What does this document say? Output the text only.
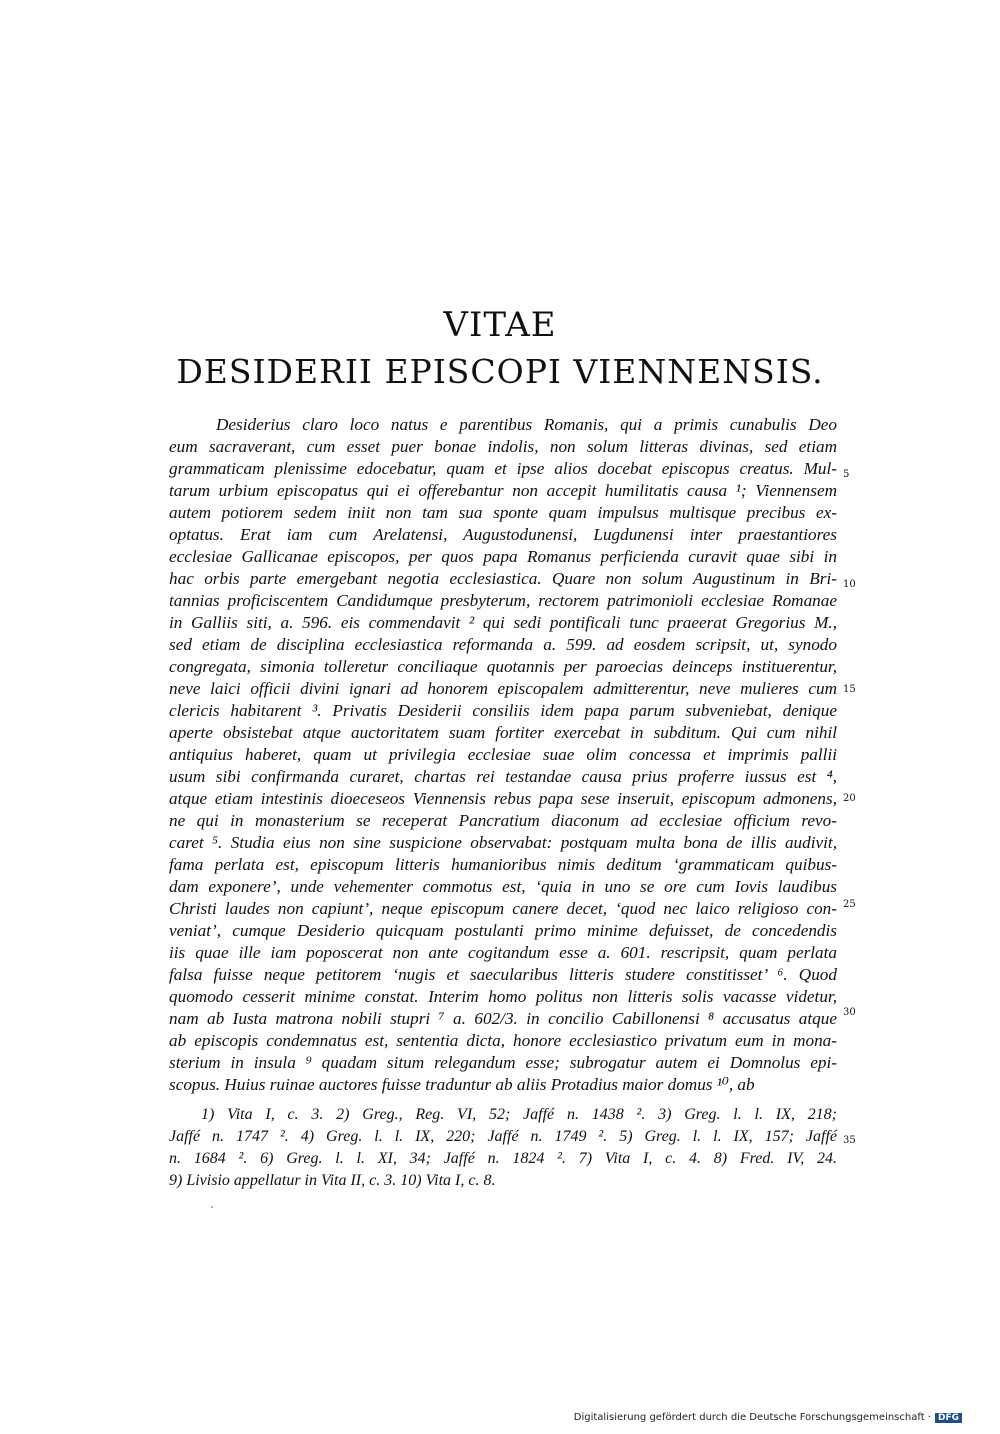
VITAE
DESIDERII EPISCOPI VIENNENSIS.
Desiderius claro loco natus e parentibus Romanis, qui a primis cunabulis Deo
eum sacraverant, cum esset puer bonae indolis, non solum litteras divinas, sed etiam
grammaticam plenissime edocebatur, quam et ipse alios docebat episcopus creatus. Mul-
tarum urbium episcopatus qui ei offerebantur non accepit humilitatis causa ¹; Viennensem
autem potiorem sedem iniit non tam sua sponte quam impulsus multisque precibus ex-
optatus. Erat iam cum Arelatensi, Augustodunensi, Lugdunensi inter praestantiores
ecclesiae Gallicanae episcopos, per quos papa Romanus perficienda curavit quae sibi in
hac orbis parte emergebant negotia ecclesiastica. Quare non solum Augustinum in Bri-
tannias proficiscentem Candidumque presbyterum, rectorem patrimonioli ecclesiae Romanae
in Galliis siti, a. 596. eis commendavit ² qui sedi pontificali tunc praeerat Gregorius M.,
sed etiam de disciplina ecclesiastica reformanda a. 599. ad eosdem scripsit, ut, synodo
congregata, simonia tolleretur conciliaque quotannis per paroecias deinceps instituerentur,
neve laici officii divini ignari ad honorem episcopalem admitterentur, neve mulieres cum
clericis habitarent ³. Privatis Desiderii consiliis idem papa parum subveniebat, denique
aperte obsistebat atque auctoritatem suam fortiter exercebat in subditum. Qui cum nihil
antiquius haberet, quam ut privilegia ecclesiae suae olim concessa et imprimis pallii
usum sibi confirmanda curaret, chartas rei testandae causa prius proferre iussus est ⁴,
atque etiam intestinis dioeceseos Viennensis rebus papa sese inseruit, episcopum admonens,
ne qui in monasterium se receperat Pancratium diaconum ad ecclesiae officium revo-
caret ⁵. Studia eius non sine suspicione observabat: postquam multa bona de illis audivit,
fama perlata est, episcopum litteris humanioribus nimis deditum ‘grammaticam quibus-
dam exponere’, unde vehementer commotus est, ‘quia in uno se ore cum Iovis laudibus
Christi laudes non capiunt’, neque episcopum canere decet, ‘quod nec laico religioso con-
veniat’, cumque Desiderio quicquam postulanti primo minime defuisset, de concedendis
iis quae ille iam poposcerat non ante cogitandum esse a. 601. rescripsit, quam perlata
falsa fuisse neque petitorem ‘nugis et saecularibus litteris studere constitisset’ ⁶. Quod
quomodo cesserit minime constat. Interim homo politus non litteris solis vacasse videtur,
nam ab Iusta matrona nobili stupri ⁷ a. 602/3. in concilio Cabillonensi ⁸ accusatus atque
ab episcopis condemnatus est, sententia dicta, honore ecclesiastico privatum eum in mona-
sterium in insula ⁹ quadam situm relegandum esse; subrogatur autem ei Domnolus epi-
scopus. Huius ruinae auctores fuisse traduntur ab aliis Protadius maior domus ¹⁰, ab
5
10
15
20
25
30
35
1) Vita I, c. 3. 2) Greg., Reg. VI, 52; Jaffé n. 1438 ². 3) Greg. l. l. IX, 218;
Jaffé n. 1747 ². 4) Greg. l. l. IX, 220; Jaffé n. 1749 ². 5) Greg. l. l. IX, 157; Jaffé
n. 1684 ². 6) Greg. l. l. XI, 34; Jaffé n. 1824 ². 7) Vita I, c. 4. 8) Fred. IV, 24.
9) Livisio appellatur in Vita II, c. 3. 10) Vita I, c. 8.
Digitalisierung gefördert durch die Deutsche Forschungsgemeinschaft · DFG
